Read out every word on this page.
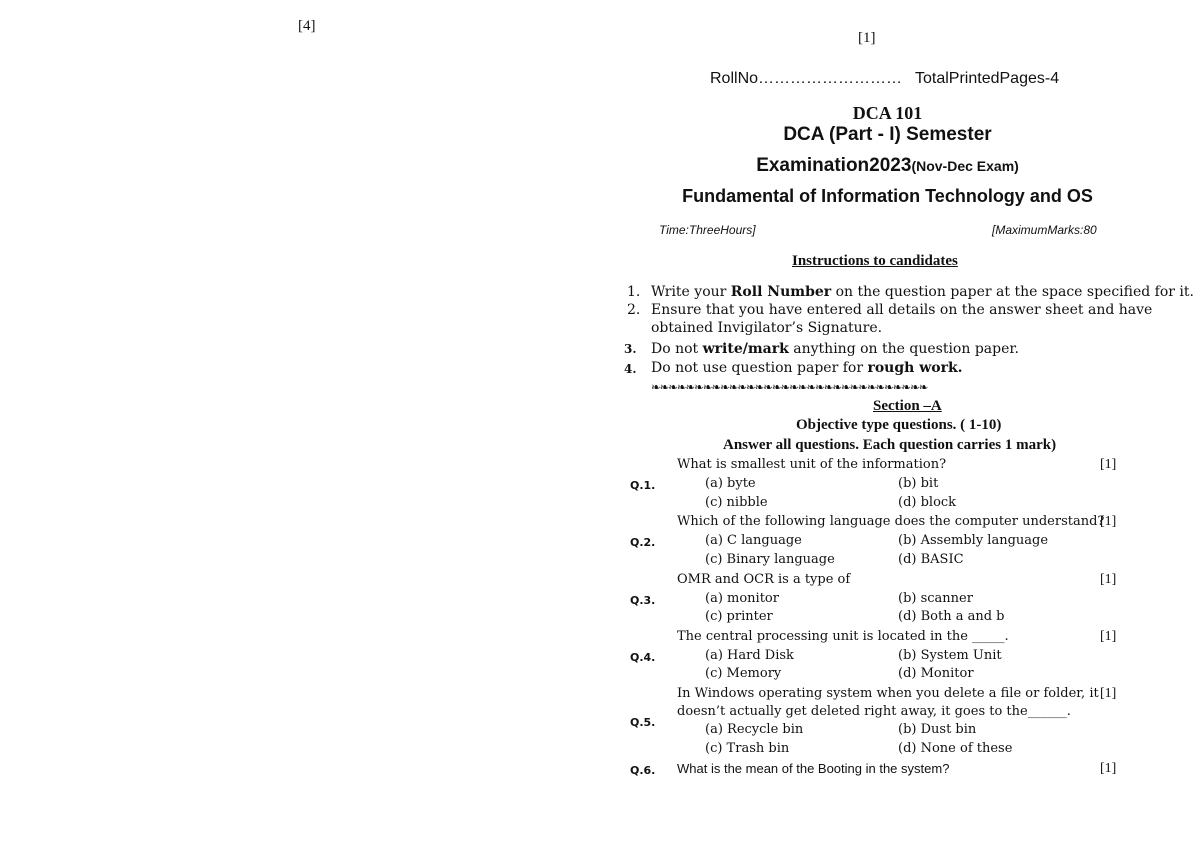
[4]
[1]
RollNo……………………… TotalPrintedPages-4
DCA 101
DCA (Part - I) Semester
Examination2023(Nov-Dec Exam)
Fundamental of Information Technology and OS
Time:ThreeHours]	[MaximumMarks:80
Instructions to candidates
1. Write your Roll Number on the question paper at the space specified for it.
2. Ensure that you have entered all details on the answer sheet and have
obtained Invigilator’s Signature.
3. Do not write/mark anything on the question paper.
4. Do not use question paper for rough work.
❧❧❧❧❧❧❧❧❧❧❧❧❧❧❧❧❧❧❧❧❧❧❧❧❧❧❧❧❧❧❧❧
Section –A
Objective type questions. ( 1-10)
Answer all questions. Each question carries 1 mark)
What is smallest unit of the information?	[1]
Q.1.	(a) byte	(b) bit
(c) nibble	(d) block
Which of the following language does the computer understand?
[1]
Q.2.	(a) C language	(b) Assembly language
(c) Binary language	(d) BASIC
OMR and OCR is a type of	[1]
Q.3.	(a) monitor	(b) scanner
(c) printer	(d) Both a and b
The central processing unit is located in the _____.	[1]
Q.4.	(a) Hard Disk	(b) System Unit
(c) Memory	(d) Monitor
In Windows operating system when you delete a file or folder, it
doesn’t actually get deleted right away, it goes to the______.
[1]
Q.5.	(a) Recycle bin	(b) Dust bin
(c) Trash bin	(d) None of these
Q.6. What is the mean of the Booting in the system?	[1]
